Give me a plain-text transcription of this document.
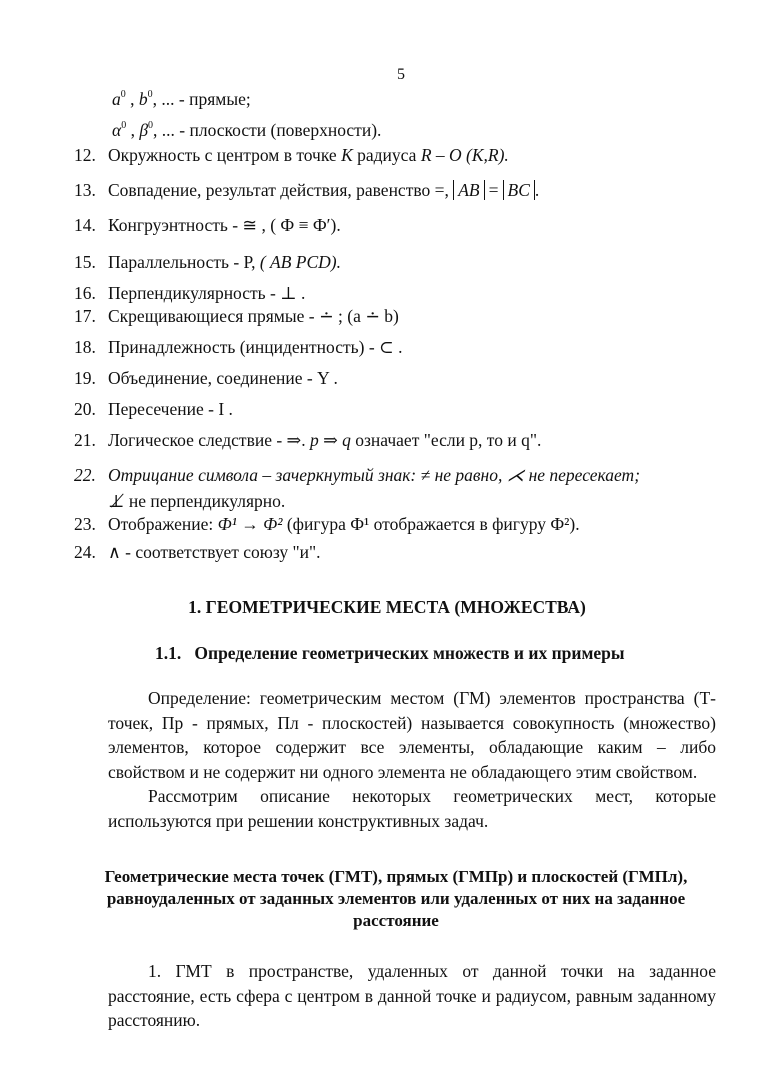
5
$a^0$ , $b^0$, ... - прямые;
$\alpha^0$ , $\beta^0$, ... - плоскости (поверхности).
12. Окружность с центром в точке K радиуса R – O (K,R).
13. Совпадение, результат действия, равенство =, AB = BC .
14. Конгруэнтность - ≅ , ( Ф ≡ Ф′).
15. Параллельность - Р, ( AB PCD).
16. Перпендикулярность - ⊥ .
17. Скрещивающиеся прямые - ∸ ; (a ∸ b)
18. Принадлежность (инцидентность) - ⊂ .
19. Объединение, соединение - Y .
20. Пересечение - I .
21. Логическое следствие - ⇒. p ⇒ q означает "если р, то и q".
22. Отрицание символа – зачеркнутый знак: ≠ не равно, ⋌ не пересекает;
⊥̸ не перпендикулярно.
23. Отображение: Ф¹ → Ф² (фигура Ф¹ отображается в фигуру Ф²).
24. ∧ - соответствует союзу "и".
1. ГЕОМЕТРИЧЕСКИЕ МЕСТА (МНОЖЕСТВА)
1.1. Определение геометрических множеств и их примеры

Определение: геометрическим местом (ГМ) элементов пространства (Т-точек, Пр - прямых, Пл - плоскостей) называется совокупность (множество) элементов, которое содержит все элементы, обладающие каким – либо свойством и не содержит ни одного элемента не обладающего этим свойством.

Рассмотрим описание некоторых геометрических мест, которые используются при решении конструктивных задач.

Геометрические места точек (ГМТ), прямых (ГМПр) и плоскостей (ГМПл), равноудаленных от заданных элементов или удаленных от них на заданное расстояние

1. ГМТ в пространстве, удаленных от данной точки на заданное расстояние, есть сфера с центром в данной точке и радиусом, равным заданному расстоянию.
